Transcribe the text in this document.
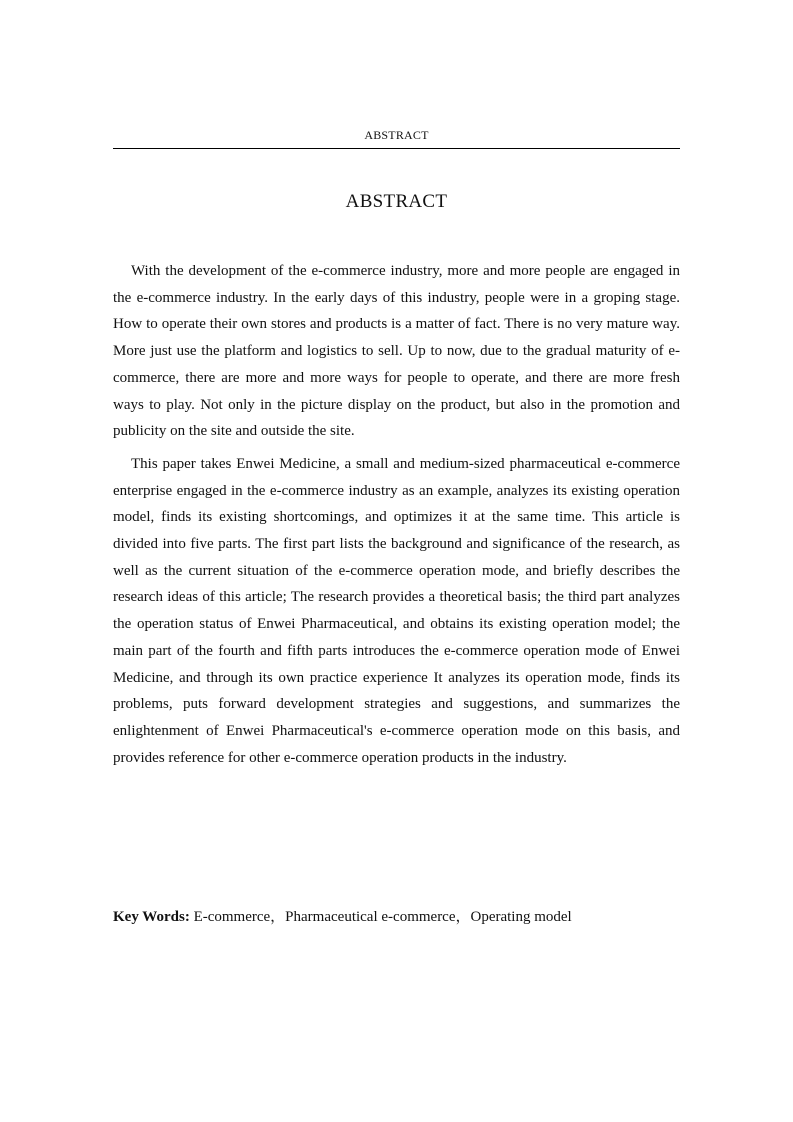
ABSTRACT
ABSTRACT

With the development of the e-commerce industry, more and more people are engaged in the e-commerce industry. In the early days of this industry, people were in a groping stage. How to operate their own stores and products is a matter of fact. There is no very mature way. More just use the platform and logistics to sell. Up to now, due to the gradual maturity of e-commerce, there are more and more ways for people to operate, and there are more fresh ways to play. Not only in the picture display on the product, but also in the promotion and publicity on the site and outside the site.

This paper takes Enwei Medicine, a small and medium-sized pharmaceutical e-commerce enterprise engaged in the e-commerce industry as an example, analyzes its existing operation model, finds its existing shortcomings, and optimizes it at the same time. This article is divided into five parts. The first part lists the background and significance of the research, as well as the current situation of the e-commerce operation mode, and briefly describes the research ideas of this article; The research provides a theoretical basis; the third part analyzes the operation status of Enwei Pharmaceutical, and obtains its existing operation model; the main part of the fourth and fifth parts introduces the e-commerce operation mode of Enwei Medicine, and through its own practice experience It analyzes its operation mode, finds its problems, puts forward development strategies and suggestions, and summarizes the enlightenment of Enwei Pharmaceutical's e-commerce operation mode on this basis, and provides reference for other e-commerce operation products in the industry.

Key Words: E-commerce，Pharmaceutical e-commerce，Operating model
